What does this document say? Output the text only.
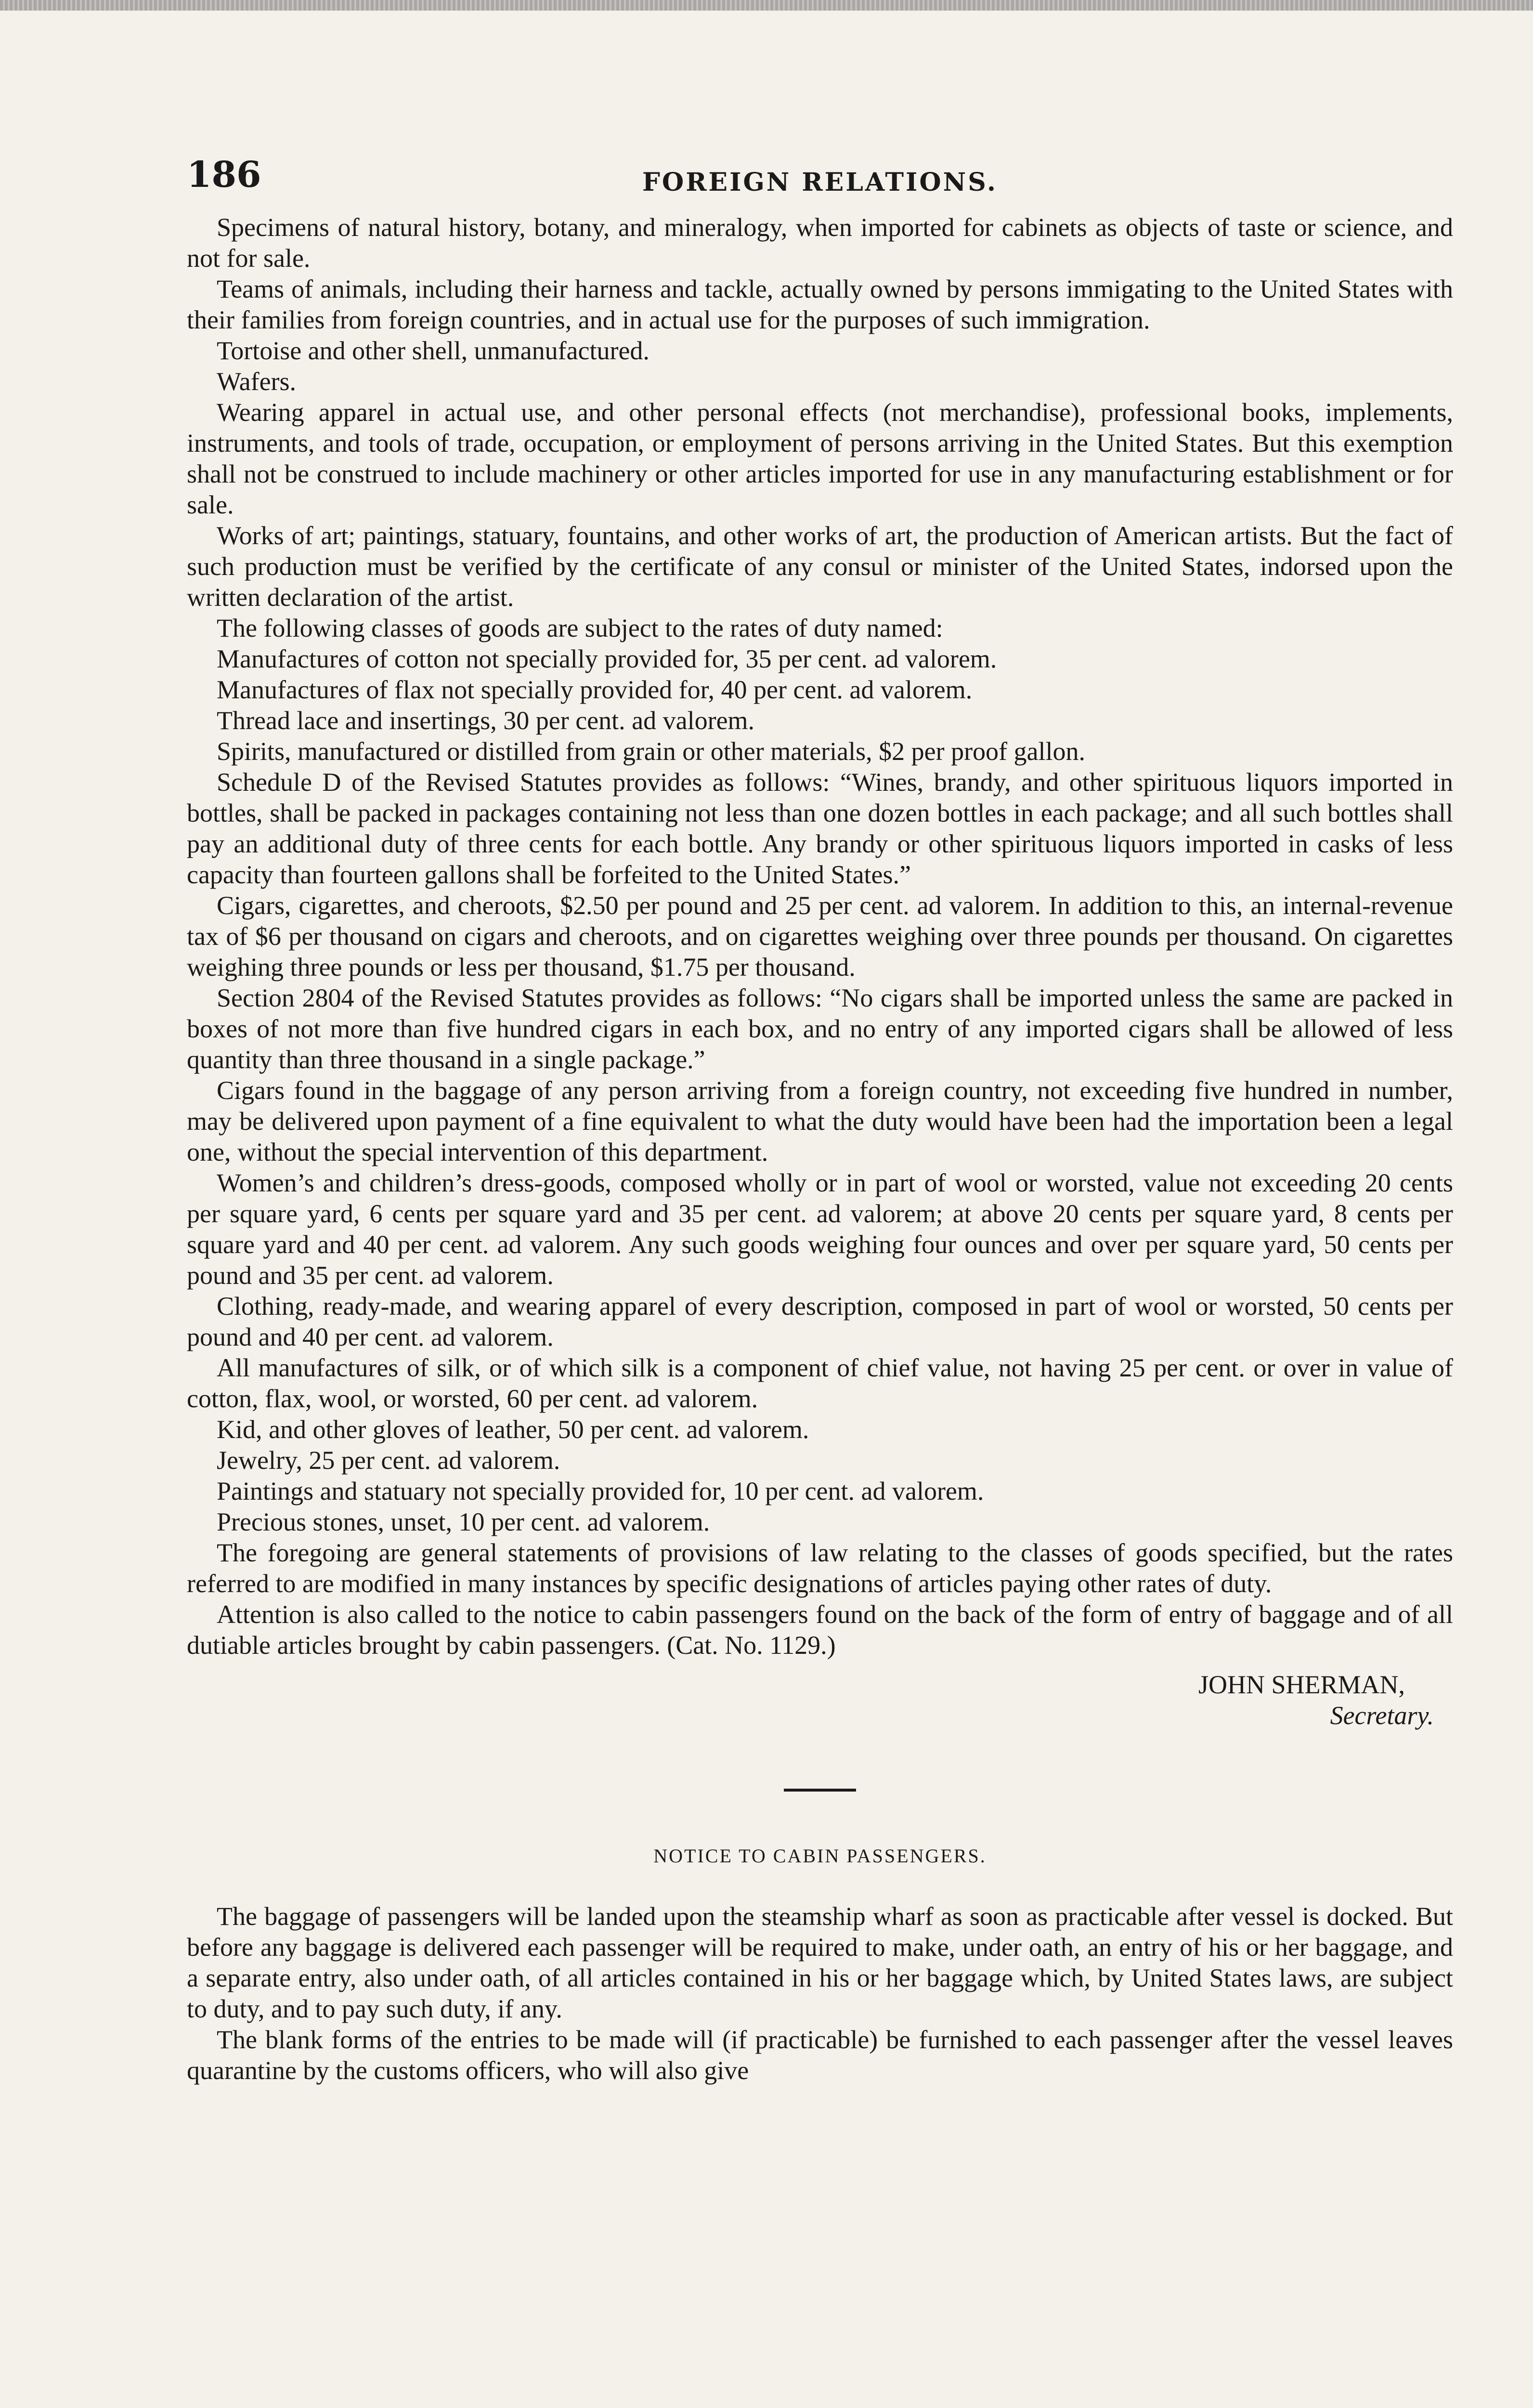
186	FOREIGN RELATIONS.

Specimens of natural history, botany, and mineralogy, when imported for cabinets as objects of taste or science, and not for sale.

Teams of animals, including their harness and tackle, actually owned by persons immigating to the United States with their families from foreign countries, and in actual use for the purposes of such immigration.

Tortoise and other shell, unmanufactured.

Wafers.

Wearing apparel in actual use, and other personal effects (not merchandise), professional books, implements, instruments, and tools of trade, occupation, or employment of persons arriving in the United States. But this exemption shall not be construed to include machinery or other articles imported for use in any manufacturing establishment or for sale.

Works of art; paintings, statuary, fountains, and other works of art, the production of American artists. But the fact of such production must be verified by the certificate of any consul or minister of the United States, indorsed upon the written declaration of the artist.

The following classes of goods are subject to the rates of duty named:

Manufactures of cotton not specially provided for, 35 per cent. ad valorem.

Manufactures of flax not specially provided for, 40 per cent. ad valorem.

Thread lace and insertings, 30 per cent. ad valorem.

Spirits, manufactured or distilled from grain or other materials, $2 per proof gallon.

Schedule D of the Revised Statutes provides as follows: “Wines, brandy, and other spirituous liquors imported in bottles, shall be packed in packages containing not less than one dozen bottles in each package; and all such bottles shall pay an additional duty of three cents for each bottle. Any brandy or other spirituous liquors imported in casks of less capacity than fourteen gallons shall be forfeited to the United States.”

Cigars, cigarettes, and cheroots, $2.50 per pound and 25 per cent. ad valorem. In addition to this, an internal-revenue tax of $6 per thousand on cigars and cheroots, and on cigarettes weighing over three pounds per thousand. On cigarettes weighing three pounds or less per thousand, $1.75 per thousand.

Section 2804 of the Revised Statutes provides as follows: “No cigars shall be imported unless the same are packed in boxes of not more than five hundred cigars in each box, and no entry of any imported cigars shall be allowed of less quantity than three thousand in a single package.”

Cigars found in the baggage of any person arriving from a foreign country, not exceeding five hundred in number, may be delivered upon payment of a fine equivalent to what the duty would have been had the importation been a legal one, without the special intervention of this department.

Women’s and children’s dress-goods, composed wholly or in part of wool or worsted, value not exceeding 20 cents per square yard, 6 cents per square yard and 35 per cent. ad valorem; at above 20 cents per square yard, 8 cents per square yard and 40 per cent. ad valorem. Any such goods weighing four ounces and over per square yard, 50 cents per pound and 35 per cent. ad valorem.

Clothing, ready-made, and wearing apparel of every description, composed in part of wool or worsted, 50 cents per pound and 40 per cent. ad valorem.

All manufactures of silk, or of which silk is a component of chief value, not having 25 per cent. or over in value of cotton, flax, wool, or worsted, 60 per cent. ad valorem.

Kid, and other gloves of leather, 50 per cent. ad valorem.

Jewelry, 25 per cent. ad valorem.

Paintings and statuary not specially provided for, 10 per cent. ad valorem.

Precious stones, unset, 10 per cent. ad valorem.

The foregoing are general statements of provisions of law relating to the classes of goods specified, but the rates referred to are modified in many instances by specific designations of articles paying other rates of duty.

Attention is also called to the notice to cabin passengers found on the back of the form of entry of baggage and of all dutiable articles brought by cabin passengers. (Cat. No. 1129.)

JOHN SHERMAN,
Secretary.
NOTICE TO CABIN PASSENGERS.

The baggage of passengers will be landed upon the steamship wharf as soon as practicable after vessel is docked. But before any baggage is delivered each passenger will be required to make, under oath, an entry of his or her baggage, and a separate entry, also under oath, of all articles contained in his or her baggage which, by United States laws, are subject to duty, and to pay such duty, if any.

The blank forms of the entries to be made will (if practicable) be furnished to each passenger after the vessel leaves quarantine by the customs officers, who will also give
